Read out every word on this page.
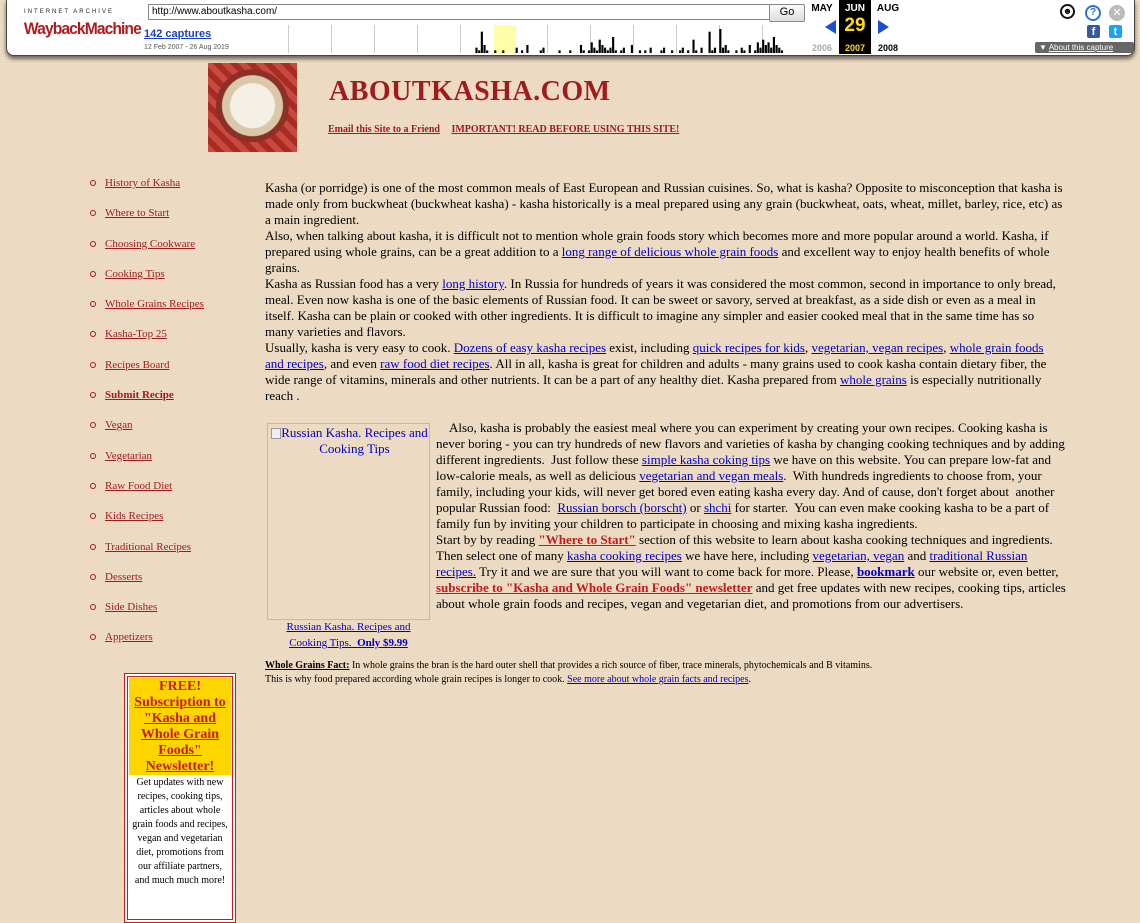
INTERNET ARCHIVE
WaybackMachine
http://www.aboutkasha.com/	Go
142 captures
12 Feb 2007 - 26 Aug 2019
MAY	AUG
JUN
29
2007
2006	2008
☻	?	✕
f	t
▼ About this capture
ABOUTKASHA.COM
Email this Site to a Friend IMPORTANT! READ BEFORE USING THIS SITE!
History of Kasha
Where to Start
Choosing Cookware
Cooking Tips
Whole Grains Recipes
Kasha-Top 25
Recipes Board
Submit Recipe
Vegan
Vegetarian
Raw Food Diet
Kids Recipes
Traditional Recipes
Desserts
Side Dishes
Appetizers
FREE!
Subscription to "Kasha and Whole Grain Foods" Newsletter!
Get updates with new recipes, cooking tips, articles about whole grain foods and recipes, vegan and vegetarian diet, promotions from our affiliate partners, and much much more!

Kasha (or porridge) is one of the most common meals of East European and Russian cuisines. So, what is kasha? Opposite to misconception that kasha is made only from buckwheat (buckwheat kasha) - kasha historically is a meal prepared using any grain (buckwheat, oats, wheat, millet, barley, rice, etc) as a main ingredient.

Also, when talking about kasha, it is difficult not to mention whole grain foods story which becomes more and more popular around a world. Kasha, if prepared using whole grains, can be a great addition to a long range of delicious whole grain foods and excellent way to enjoy health benefits of whole grains.

Kasha as Russian food has a very long history. In Russia for hundreds of years it was considered the most common, second in importance to only bread, meal. Even now kasha is one of the basic elements of Russian food. It can be sweet or savory, served at breakfast, as a side dish or even as a meal in itself. Kasha can be plain or cooked with other ingredients. It is difficult to imagine any simpler and easier cooked meal that in the same time has so many varieties and flavors.

Usually, kasha is very easy to cook. Dozens of easy kasha recipes exist, including quick recipes for kids, vegetarian, vegan recipes, whole grain foods and recipes, and even raw food diet recipes. All in all, kasha is great for children and adults - many grains used to cook kasha contain dietary fiber, the wide range of vitamins, minerals and other nutrients. It can be a part of any healthy diet. Kasha prepared from whole grains is especially nutritionally reach .

Russian Kasha. Recipes and Cooking Tips
Russian Kasha. Recipes and Cooking Tips. Only $9.99

Also, kasha is probably the easiest meal where you can experiment by creating your own recipes. Cooking kasha is never boring - you can try hundreds of new flavors and varieties of kasha by changing cooking techniques and by adding different ingredients.  Just follow these simple kasha coking tips we have on this website. You can prepare low-fat and low-calorie meals, as well as delicious vegetarian and vegan meals.  With hundreds ingredients to choose from, your family, including your kids, will never get bored even eating kasha every day. And of cause, don't forget about  another popular Russian food:  Russian borsch (borscht) or shchi for starter.  You can even make cooking kasha to be a part of family fun by inviting your children to participate in choosing and mixing kasha ingredients.

Start by by reading "Where to Start" section of this website to learn about kasha cooking techniques and ingredients. Then select one of many kasha cooking recipes we have here, including vegetarian, vegan and traditional Russian recipes. Try it and we are sure that you will want to come back for more. Please, bookmark our website or, even better, subscribe to "Kasha and Whole Grain Foods" newsletter and get free updates with new recipes, cooking tips, articles about whole grain foods and recipes, vegan and vegetarian diet, and promotions from our advertisers.

Whole Grains Fact: In whole grains the bran is the hard outer shell that provides a rich source of fiber, trace minerals, phytochemicals and B vitamins.
This is why food prepared according whole grain recipes is longer to cook. See more about whole grain facts and recipes.
